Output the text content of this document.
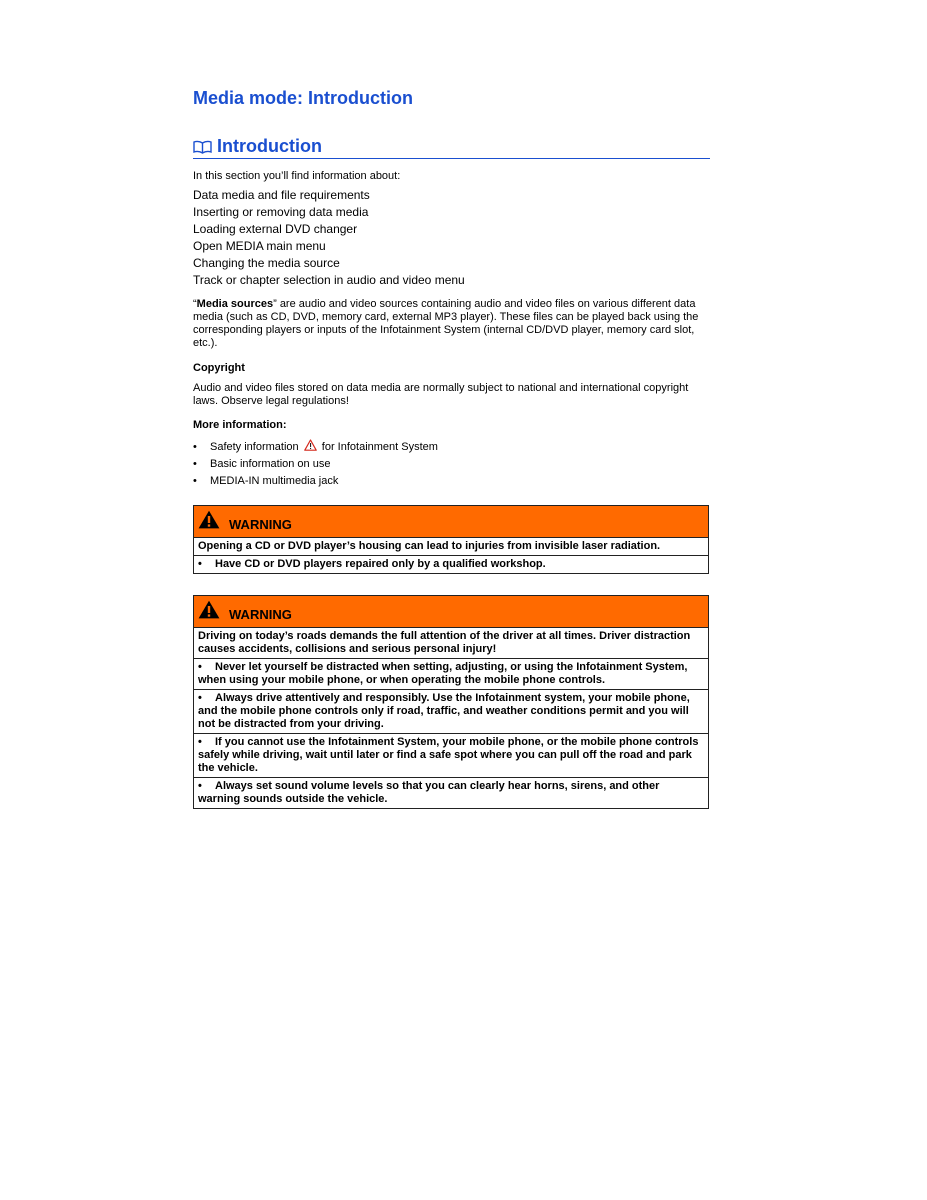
Media mode: Introduction
Introduction
In this section you’ll find information about:
Data media and file requirements
Inserting or removing data media
Loading external DVD changer
Open MEDIA main menu
Changing the media source
Track or chapter selection in audio and video menu
“Media sources” are audio and video sources containing audio and video files on various different data media (such as CD, DVD, memory card, external MP3 player). These files can be played back using the corresponding players or inputs of the Infotainment System (internal CD/DVD player, memory card slot, etc.).
Copyright
Audio and video files stored on data media are normally subject to national and international copyright laws. Observe legal regulations!
More information:
• Safety information for Infotainment System
• Basic information on use
• MEDIA-IN multimedia jack
WARNING
Opening a CD or DVD player’s housing can lead to injuries from invisible laser radiation.
• Have CD or DVD players repaired only by a qualified workshop.
WARNING
Driving on today’s roads demands the full attention of the driver at all times. Driver distraction causes accidents, collisions and serious personal injury!
• Never let yourself be distracted when setting, adjusting, or using the Infotainment System, when using your mobile phone, or when operating the mobile phone controls.
• Always drive attentively and responsibly. Use the Infotainment system, your mobile phone, and the mobile phone controls only if road, traffic, and weather conditions permit and you will not be distracted from your driving.
• If you cannot use the Infotainment System, your mobile phone, or the mobile phone controls safely while driving, wait until later or find a safe spot where you can pull off the road and park the vehicle.
• Always set sound volume levels so that you can clearly hear horns, sirens, and other warning sounds outside the vehicle.
